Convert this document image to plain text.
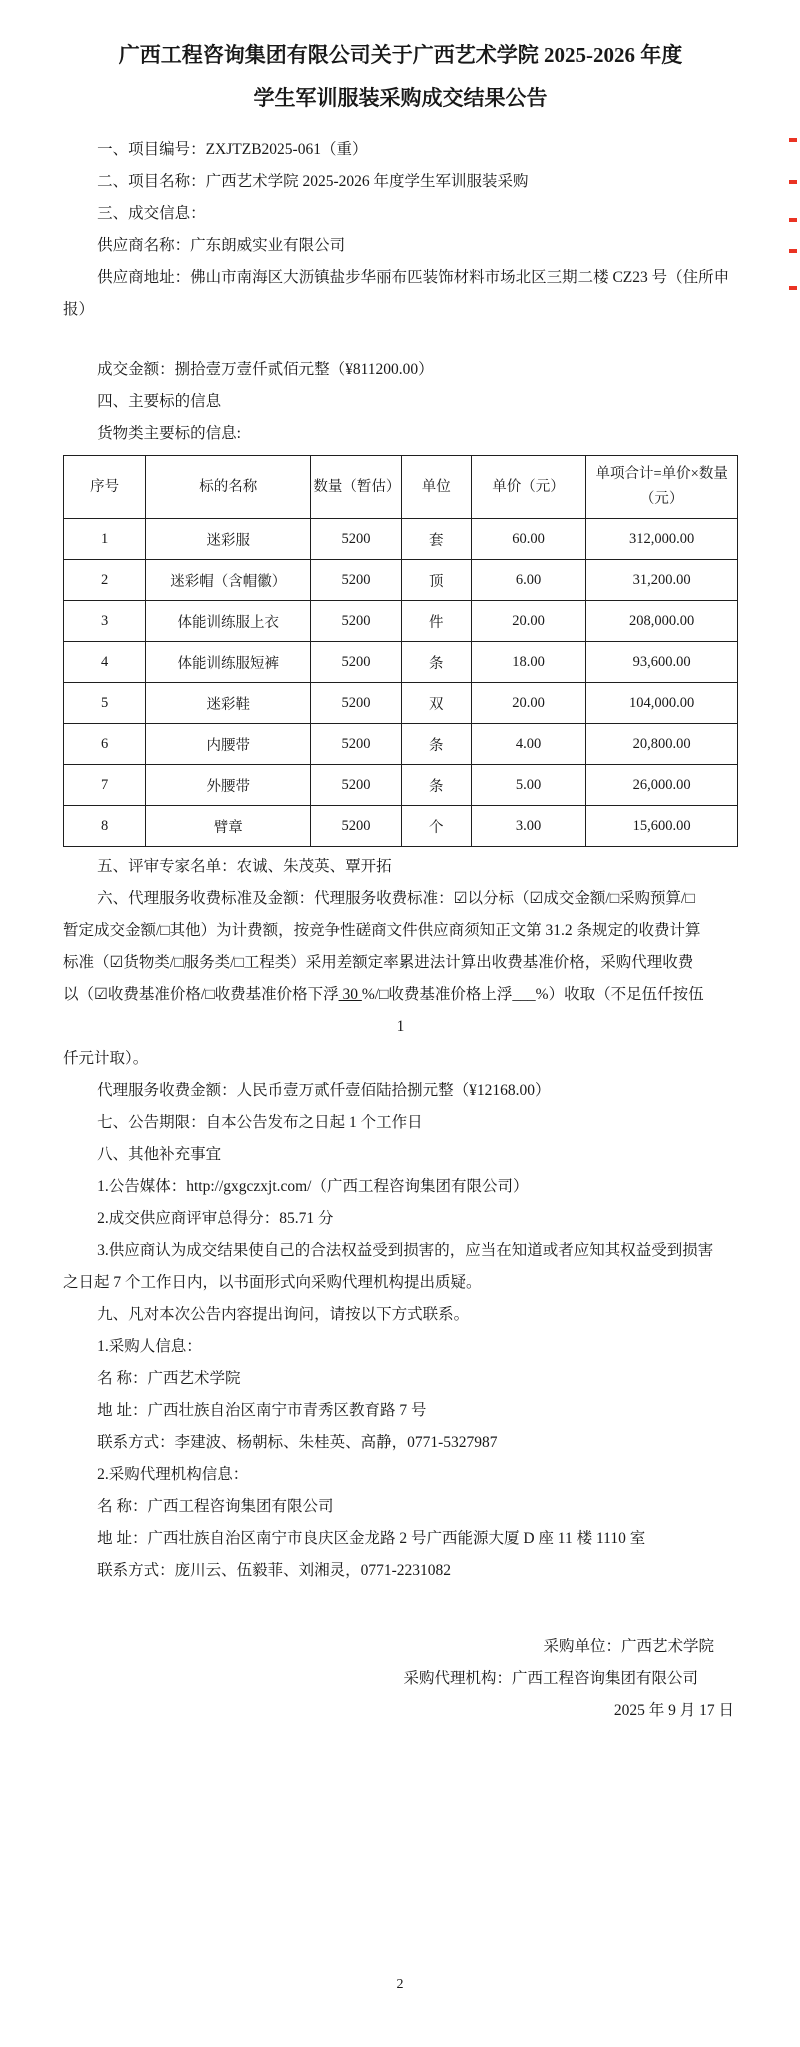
广西工程咨询集团有限公司关于广西艺术学院 2025-2026 年度
学生军训服装采购成交结果公告
一、项目编号：ZXJTZB2025-061（重）
二、项目名称：广西艺术学院 2025-2026 年度学生军训服装采购
三、成交信息：
供应商名称：广东朗威实业有限公司
供应商地址：佛山市南海区大沥镇盐步华丽布匹装饰材料市场北区三期二楼 CZ23 号（住所申
报）
成交金额：捌拾壹万壹仟贰佰元整（¥811200.00）
四、主要标的信息
货物类主要标的信息:
序号	标的名称	数量（暂估）	单位	单价（元）	单项合计=单价×数量
（元）

1	迷彩服	5200	套	60.00	312,000.00
2	迷彩帽（含帽徽）	5200	顶	6.00	31,200.00
3	体能训练服上衣	5200	件	20.00	208,000.00
4	体能训练服短裤	5200	条	18.00	93,600.00
5	迷彩鞋	5200	双	20.00	104,000.00
6	内腰带	5200	条	4.00	20,800.00
7	外腰带	5200	条	5.00	26,000.00
8	臂章	5200	个	3.00	15,600.00
五、评审专家名单：农诚、朱茂英、覃开拓
六、代理服务收费标准及金额：代理服务收费标准：☑以分标（☑成交金额/□采购预算/□
暂定成交金额/□其他）为计费额，按竞争性磋商文件供应商须知正文第 31.2 条规定的收费计算
标准（☑货物类/□服务类/□工程类）采用差额定率累进法计算出收费基准价格，采购代理收费
以（☑收费基准价格/□收费基准价格下浮 30 %/□收费基准价格上浮___%）收取（不足伍仟按伍
1
仟元计取）。
代理服务收费金额：人民币壹万贰仟壹佰陆拾捌元整（¥12168.00）
七、公告期限：自本公告发布之日起 1 个工作日
八、其他补充事宜
1.公告媒体：http://gxgczxjt.com/（广西工程咨询集团有限公司）
2.成交供应商评审总得分：85.71 分
3.供应商认为成交结果使自己的合法权益受到损害的，应当在知道或者应知其权益受到损害
之日起 7 个工作日内，以书面形式向采购代理机构提出质疑。
九、凡对本次公告内容提出询问，请按以下方式联系。
1.采购人信息：
名 称：广西艺术学院
地 址：广西壮族自治区南宁市青秀区教育路 7 号
联系方式：李建波、杨朝标、朱桂英、高静，0771-5327987
2.采购代理机构信息：
名 称：广西工程咨询集团有限公司
地 址：广西壮族自治区南宁市良庆区金龙路 2 号广西能源大厦 D 座 11 楼 1110 室
联系方式：庞川云、伍毅菲、刘湘灵，0771-2231082
采购单位：广西艺术学院
采购代理机构：广西工程咨询集团有限公司
2025 年 9 月 17 日
2
